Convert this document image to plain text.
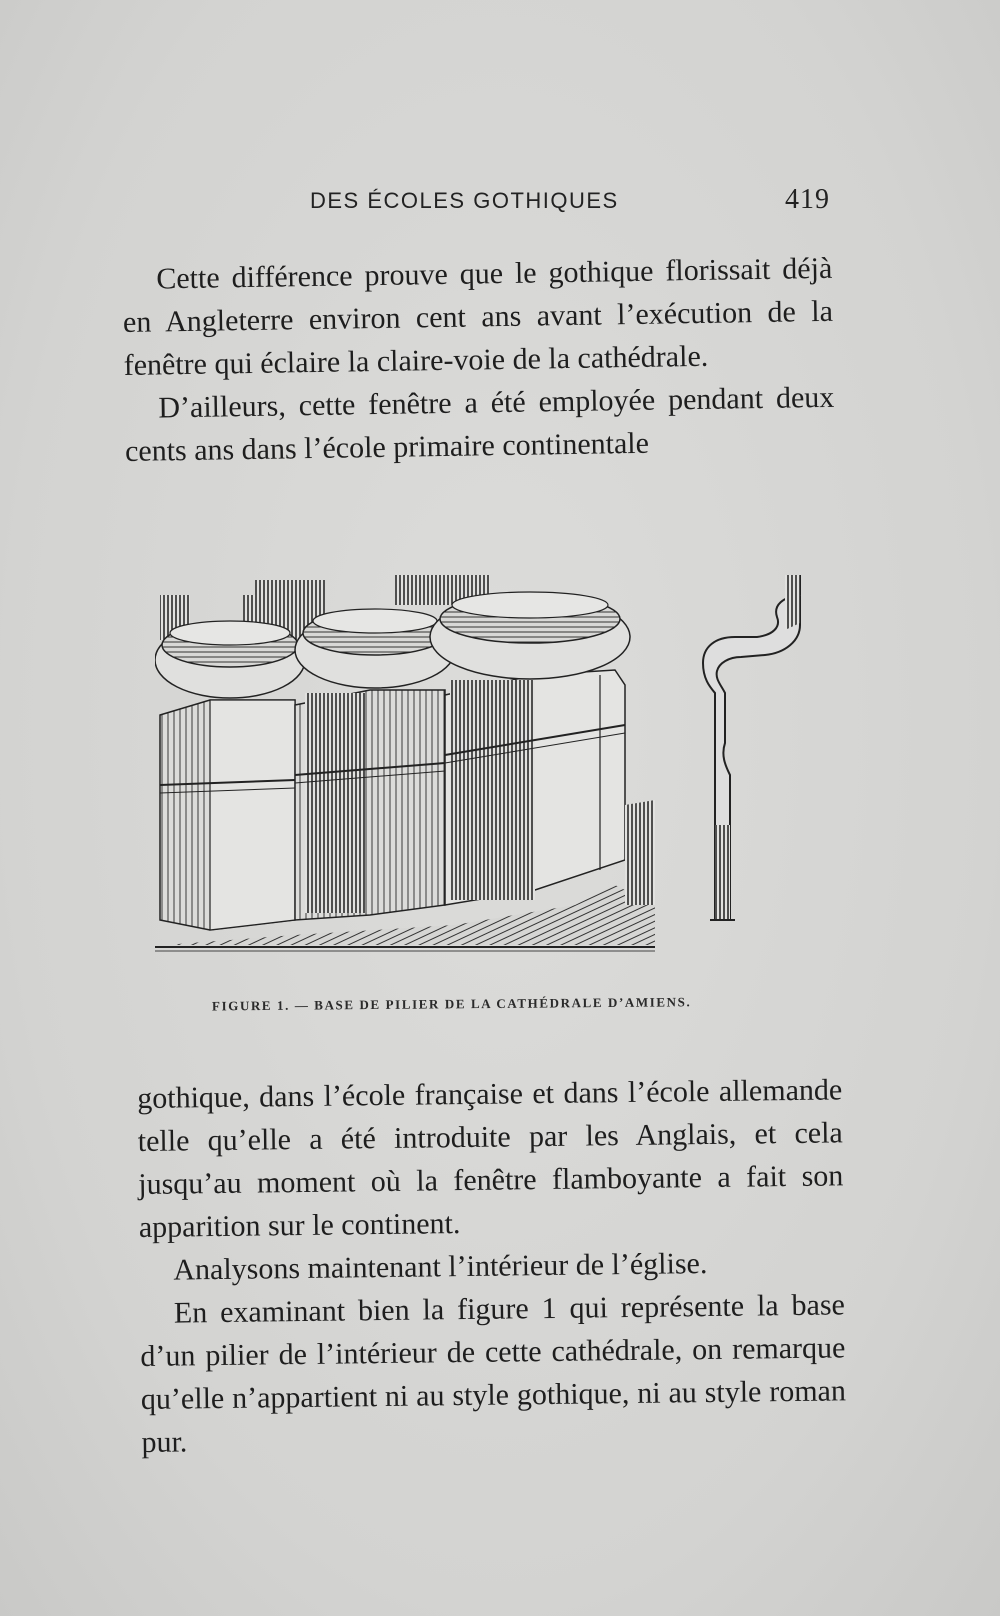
DES ÉCOLES GOTHIQUES	419

Cette différence prouve que le gothique florissait déjà en Angleterre environ cent ans avant l’exécution de la fenêtre qui éclaire la claire-voie de la cathédrale.

D’ailleurs, cette fenêtre a été employée pendant deux cents ans dans l’école primaire continentale

FIGURE 1. — BASE DE PILIER DE LA CATHÉDRALE D’AMIENS.

gothique, dans l’école française et dans l’école allemande telle qu’elle a été introduite par les Anglais, et cela jusqu’au moment où la fenêtre flamboyante a fait son apparition sur le continent.

Analysons maintenant l’intérieur de l’église.

En examinant bien la figure 1 qui représente la base d’un pilier de l’intérieur de cette cathédrale, on remarque qu’elle n’appartient ni au style gothique, ni au style roman pur.
